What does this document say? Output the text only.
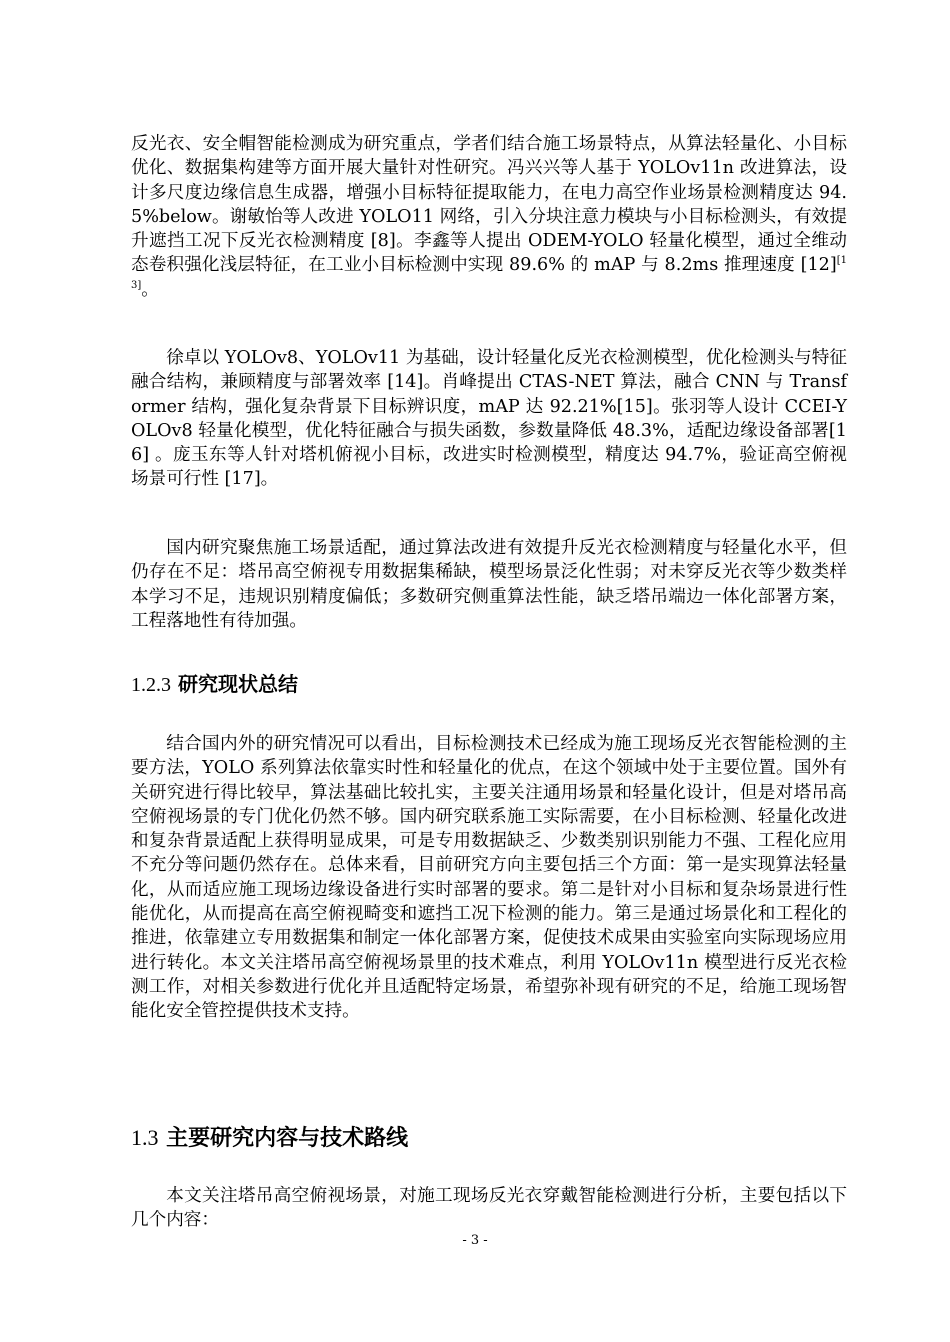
反光衣、安全帽智能检测成为研究重点，学者们结合施工场景特点，从算法轻量化、小目标优化、数据集构建等方面开展大量针对性研究。冯兴兴等人基于 YOLOv11n 改进算法，设计多尺度边缘信息生成器，增强小目标特征提取能力，在电力高空作业场景检测精度达 94.5%below。谢敏怡等人改进 YOLO11 网络，引入分块注意力模块与小目标检测头，有效提升遮挡工况下反光衣检测精度 [8]。李鑫等人提出 ODEM-YOLO 轻量化模型，通过全维动态卷积强化浅层特征，在工业小目标检测中实现 89.6% 的 mAP 与 8.2ms 推理速度 [12][13]。

徐卓以 YOLOv8、YOLOv11 为基础，设计轻量化反光衣检测模型，优化检测头与特征融合结构，兼顾精度与部署效率 [14]。肖峰提出 CTAS-NET 算法，融合 CNN 与 Transformer 结构，强化复杂背景下目标辨识度，mAP 达 92.21%[15]。张羽等人设计 CCEI-YOLOv8 轻量化模型，优化特征融合与损失函数，参数量降低 48.3%，适配边缘设备部署[16] 。庞玉东等人针对塔机俯视小目标，改进实时检测模型，精度达 94.7%，验证高空俯视场景可行性 [17]。

国内研究聚焦施工场景适配，通过算法改进有效提升反光衣检测精度与轻量化水平，但仍存在不足：塔吊高空俯视专用数据集稀缺，模型场景泛化性弱；对未穿反光衣等少数类样本学习不足，违规识别精度偏低；多数研究侧重算法性能，缺乏塔吊端边一体化部署方案，工程落地性有待加强。

1.2.3 研究现状总结

结合国内外的研究情况可以看出，目标检测技术已经成为施工现场反光衣智能检测的主要方法，YOLO 系列算法依靠实时性和轻量化的优点，在这个领域中处于主要位置。国外有关研究进行得比较早，算法基础比较扎实，主要关注通用场景和轻量化设计，但是对塔吊高空俯视场景的专门优化仍然不够。国内研究联系施工实际需要，在小目标检测、轻量化改进和复杂背景适配上获得明显成果，可是专用数据缺乏、少数类别识别能力不强、工程化应用不充分等问题仍然存在。总体来看，目前研究方向主要包括三个方面：第一是实现算法轻量化，从而适应施工现场边缘设备进行实时部署的要求。第二是针对小目标和复杂场景进行性能优化，从而提高在高空俯视畸变和遮挡工况下检测的能力。第三是通过场景化和工程化的推进，依靠建立专用数据集和制定一体化部署方案，促使技术成果由实验室向实际现场应用进行转化。本文关注塔吊高空俯视场景里的技术难点，利用 YOLOv11n 模型进行反光衣检测工作，对相关参数进行优化并且适配特定场景，希望弥补现有研究的不足，给施工现场智能化安全管控提供技术支持。

1.3 主要研究内容与技术路线

本文关注塔吊高空俯视场景，对施工现场反光衣穿戴智能检测进行分析，主要包括以下几个内容：

- 3 -
